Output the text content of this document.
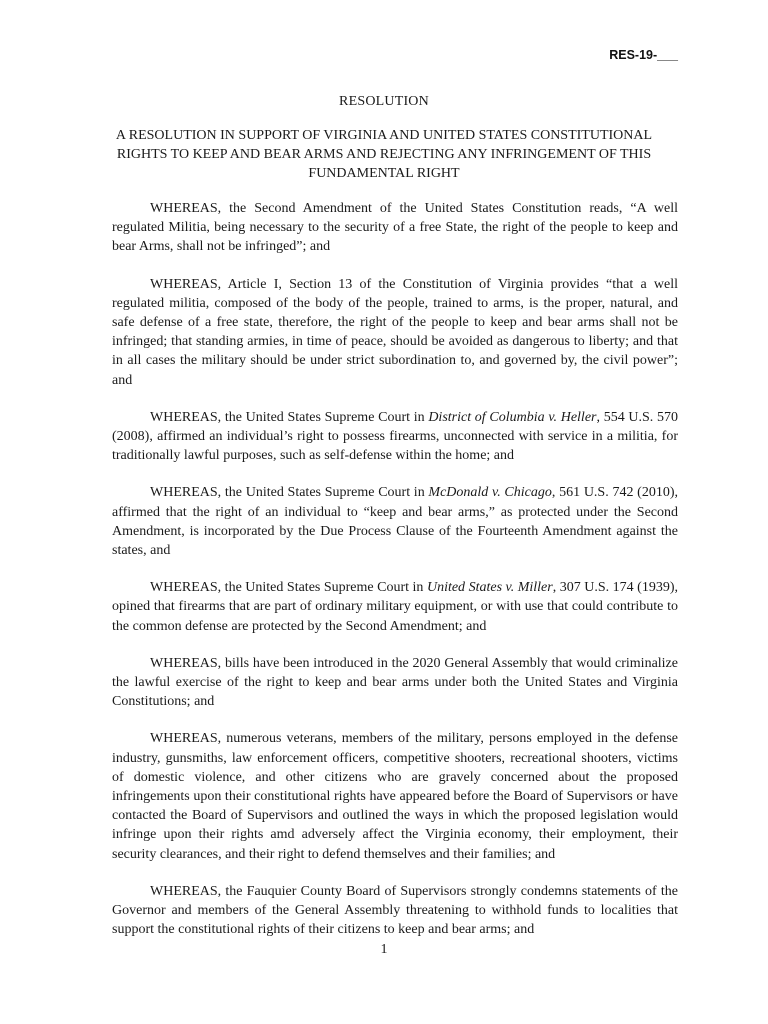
RES-19-___
RESOLUTION
A RESOLUTION IN SUPPORT OF VIRGINIA AND UNITED STATES CONSTITUTIONAL RIGHTS TO KEEP AND BEAR ARMS AND REJECTING ANY INFRINGEMENT OF THIS FUNDAMENTAL RIGHT

WHEREAS, the Second Amendment of the United States Constitution reads, “A well regulated Militia, being necessary to the security of a free State, the right of the people to keep and bear Arms, shall not be infringed”; and

WHEREAS, Article I, Section 13 of the Constitution of Virginia provides “that a well regulated militia, composed of the body of the people, trained to arms, is the proper, natural, and safe defense of a free state, therefore, the right of the people to keep and bear arms shall not be infringed; that standing armies, in time of peace, should be avoided as dangerous to liberty; and that in all cases the military should be under strict subordination to, and governed by, the civil power”; and

WHEREAS, the United States Supreme Court in District of Columbia v. Heller, 554 U.S. 570 (2008), affirmed an individual’s right to possess firearms, unconnected with service in a militia, for traditionally lawful purposes, such as self-defense within the home; and

WHEREAS, the United States Supreme Court in McDonald v. Chicago, 561 U.S. 742 (2010), affirmed that the right of an individual to “keep and bear arms,” as protected under the Second Amendment, is incorporated by the Due Process Clause of the Fourteenth Amendment against the states, and

WHEREAS, the United States Supreme Court in United States v. Miller, 307 U.S. 174 (1939), opined that firearms that are part of ordinary military equipment, or with use that could contribute to the common defense are protected by the Second Amendment; and

WHEREAS, bills have been introduced in the 2020 General Assembly that would criminalize the lawful exercise of the right to keep and bear arms under both the United States and Virginia Constitutions; and

WHEREAS, numerous veterans, members of the military, persons employed in the defense industry, gunsmiths, law enforcement officers, competitive shooters, recreational shooters, victims of domestic violence, and other citizens who are gravely concerned about the proposed infringements upon their constitutional rights have appeared before the Board of Supervisors or have contacted the Board of Supervisors and outlined the ways in which the proposed legislation would infringe upon their rights amd adversely affect the Virginia economy, their employment, their security clearances, and their right to defend themselves and their families; and

WHEREAS, the Fauquier County Board of Supervisors strongly condemns statements of the Governor and members of the General Assembly threatening to withhold funds to localities that support the constitutional rights of their citizens to keep and bear arms; and

1
